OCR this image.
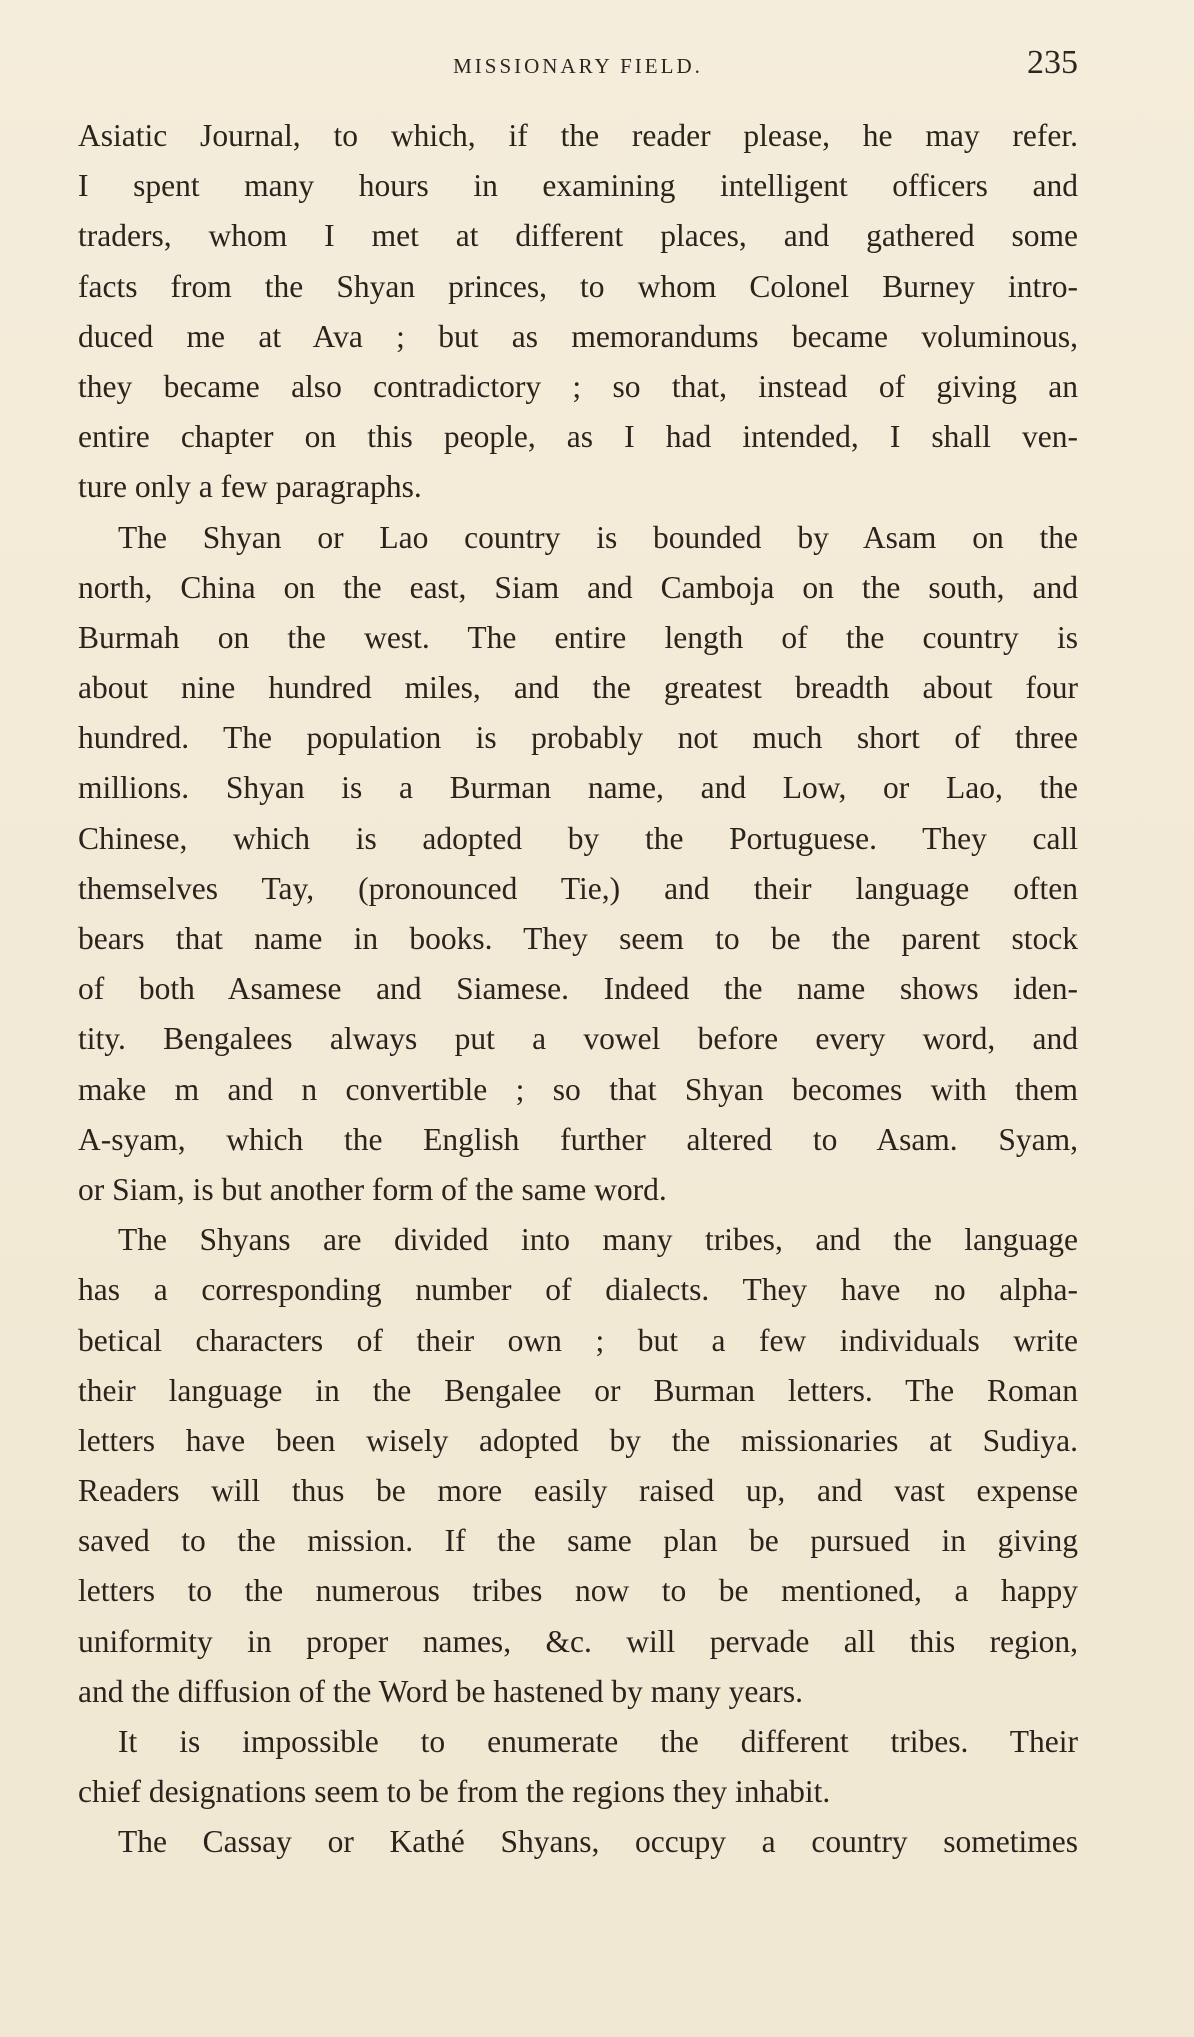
MISSIONARY FIELD.	235
Asiatic Journal, to which, if the reader please, he may refer.
I spent many hours in examining intelligent officers and
traders, whom I met at different places, and gathered some
facts from the Shyan princes, to whom Colonel Burney intro-
duced me at Ava ; but as memorandums became voluminous,
they became also contradictory ; so that, instead of giving an
entire chapter on this people, as I had intended, I shall ven-
ture only a few paragraphs.
The Shyan or Lao country is bounded by Asam on the
north, China on the east, Siam and Camboja on the south, and
Burmah on the west. The entire length of the country is
about nine hundred miles, and the greatest breadth about four
hundred. The population is probably not much short of three
millions. Shyan is a Burman name, and Low, or Lao, the
Chinese, which is adopted by the Portuguese. They call
themselves Tay, (pronounced Tie,) and their language often
bears that name in books. They seem to be the parent stock
of both Asamese and Siamese. Indeed the name shows iden-
tity. Bengalees always put a vowel before every word, and
make m and n convertible ; so that Shyan becomes with them
A-syam, which the English further altered to Asam. Syam,
or Siam, is but another form of the same word.
The Shyans are divided into many tribes, and the language
has a corresponding number of dialects. They have no alpha-
betical characters of their own ; but a few individuals write
their language in the Bengalee or Burman letters. The Roman
letters have been wisely adopted by the missionaries at Sudiya.
Readers will thus be more easily raised up, and vast expense
saved to the mission. If the same plan be pursued in giving
letters to the numerous tribes now to be mentioned, a happy
uniformity in proper names, &c. will pervade all this region,
and the diffusion of the Word be hastened by many years.
It is impossible to enumerate the different tribes. Their
chief designations seem to be from the regions they inhabit.
The Cassay or Kathé Shyans, occupy a country sometimes
